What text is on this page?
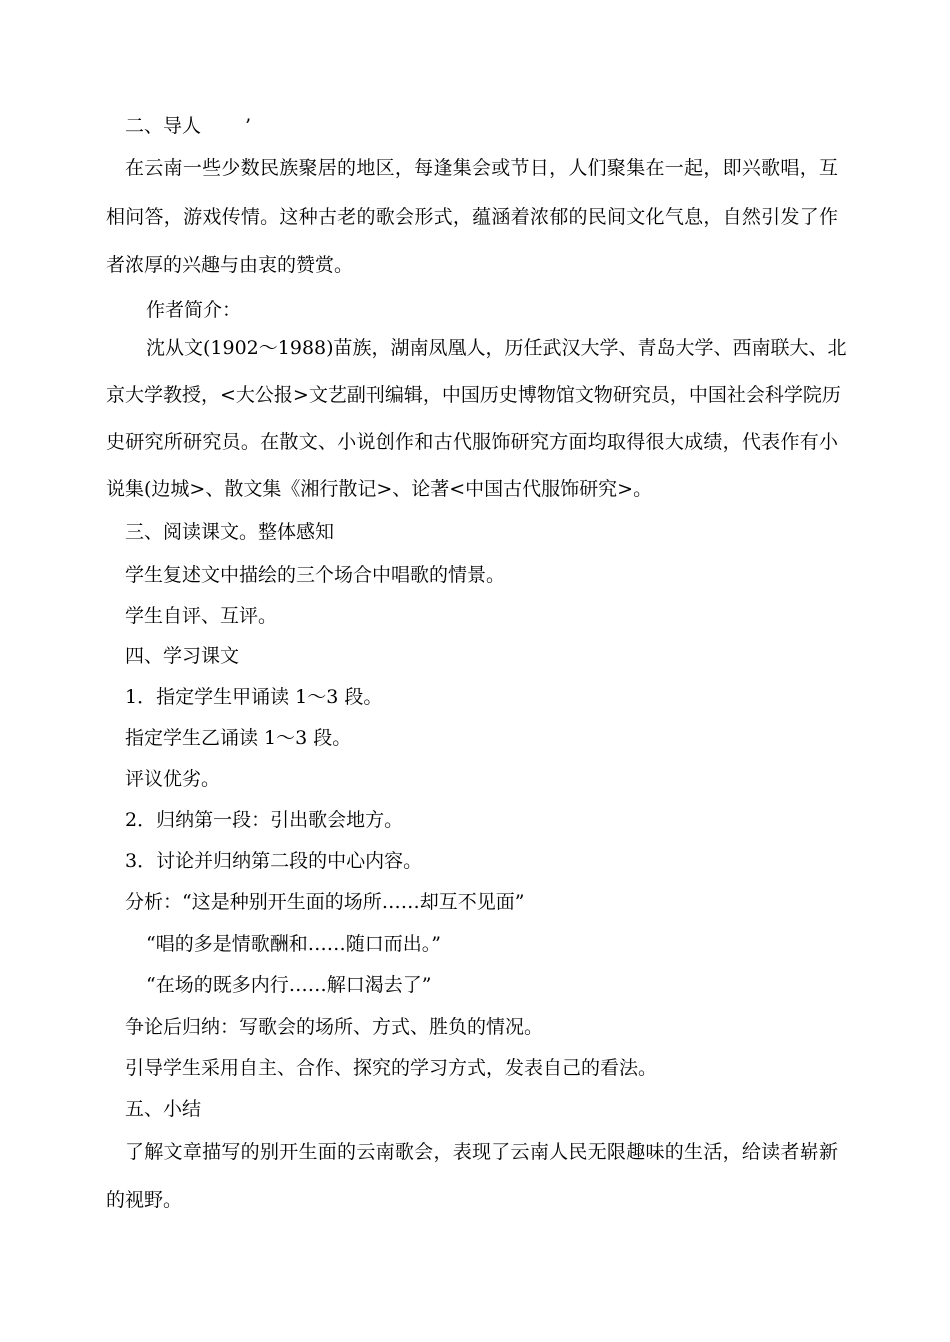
二、导人　　 ’
在云南一些少数民族聚居的地区，每逢集会或节日，人们聚集在一起，即兴歌唱，互
相问答，游戏传情。这种古老的歌会形式，蕴涵着浓郁的民间文化气息，自然引发了作
者浓厚的兴趣与由衷的赞赏。
作者简介：
沈从文(1902～1988)苗族，湖南凤凰人，历任武汉大学、青岛大学、西南联大、北
京大学教授，<大公报>文艺副刊编辑，中国历史博物馆文物研究员，中国社会科学院历
史研究所研究员。在散文、小说创作和古代服饰研究方面均取得很大成绩，代表作有小
说集(边城>、散文集《湘行散记>、论著<中国古代服饰研究>。
三、阅读课文。整体感知
学生复述文中描绘的三个场合中唱歌的情景。
学生自评、互评。
四、学习课文
1．指定学生甲诵读 1～3 段。
指定学生乙诵读 1～3 段。
评议优劣。
2．归纳第一段：引出歌会地方。
3．讨论并归纳第二段的中心内容。
分析：“这是种别开生面的场所……却互不见面”
“唱的多是情歌酬和……随口而出。”
“在场的既多内行……解口渴去了”
争论后归纳：写歌会的场所、方式、胜负的情况。
引导学生采用自主、合作、探究的学习方式，发表自己的看法。
五、小结
了解文章描写的别开生面的云南歌会，表现了云南人民无限趣味的生活，给读者崭新
的视野。
